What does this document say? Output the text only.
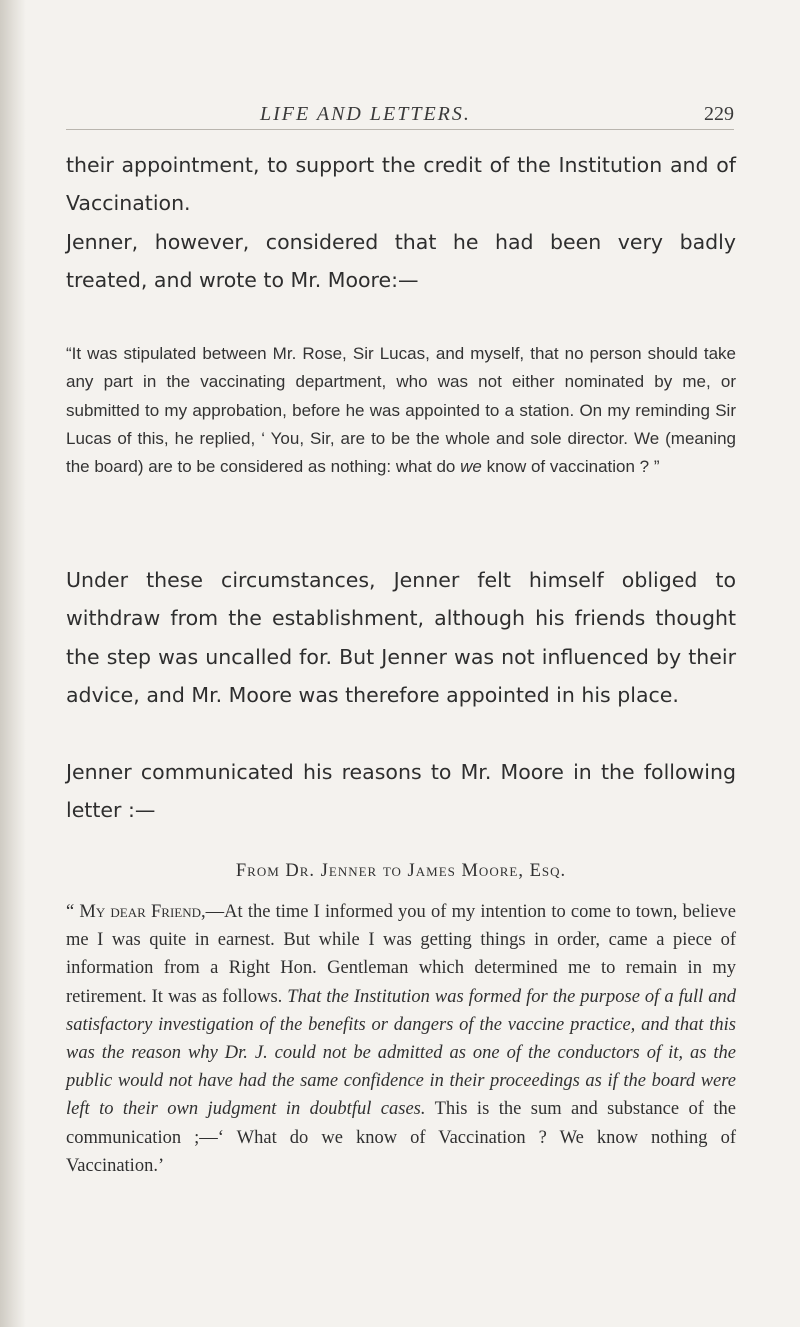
LIFE AND LETTERS.	229

their appointment, to support the credit of the Institution and of Vaccination.

Jenner, however, considered that he had been very badly treated, and wrote to Mr. Moore:—

“It was stipulated between Mr. Rose, Sir Lucas, and myself, that no person should take any part in the vaccinating department, who was not either nominated by me, or submitted to my approbation, before he was appointed to a station. On my reminding Sir Lucas of this, he replied, ‘ You, Sir, are to be the whole and sole director. We (meaning the board) are to be considered as nothing: what do we know of vaccination ? ”

Under these circumstances, Jenner felt himself obliged to withdraw from the establishment, although his friends thought the step was uncalled for. But Jenner was not influenced by their advice, and Mr. Moore was therefore appointed in his place.

Jenner communicated his reasons to Mr. Moore in the following letter :—

From Dr. Jenner to James Moore, Esq.

“ My dear Friend,—At the time I informed you of my intention to come to town, believe me I was quite in earnest. But while I was getting things in order, came a piece of information from a Right Hon. Gentleman which determined me to remain in my retirement. It was as follows. That the Institution was formed for the purpose of a full and satisfactory investigation of the benefits or dangers of the vaccine practice, and that this was the reason why Dr. J. could not be admitted as one of the conductors of it, as the public would not have had the same confidence in their proceedings as if the board were left to their own judgment in doubtful cases. This is the sum and substance of the communication ;—‘ What do we know of Vaccination ? We know nothing of Vaccination.’
